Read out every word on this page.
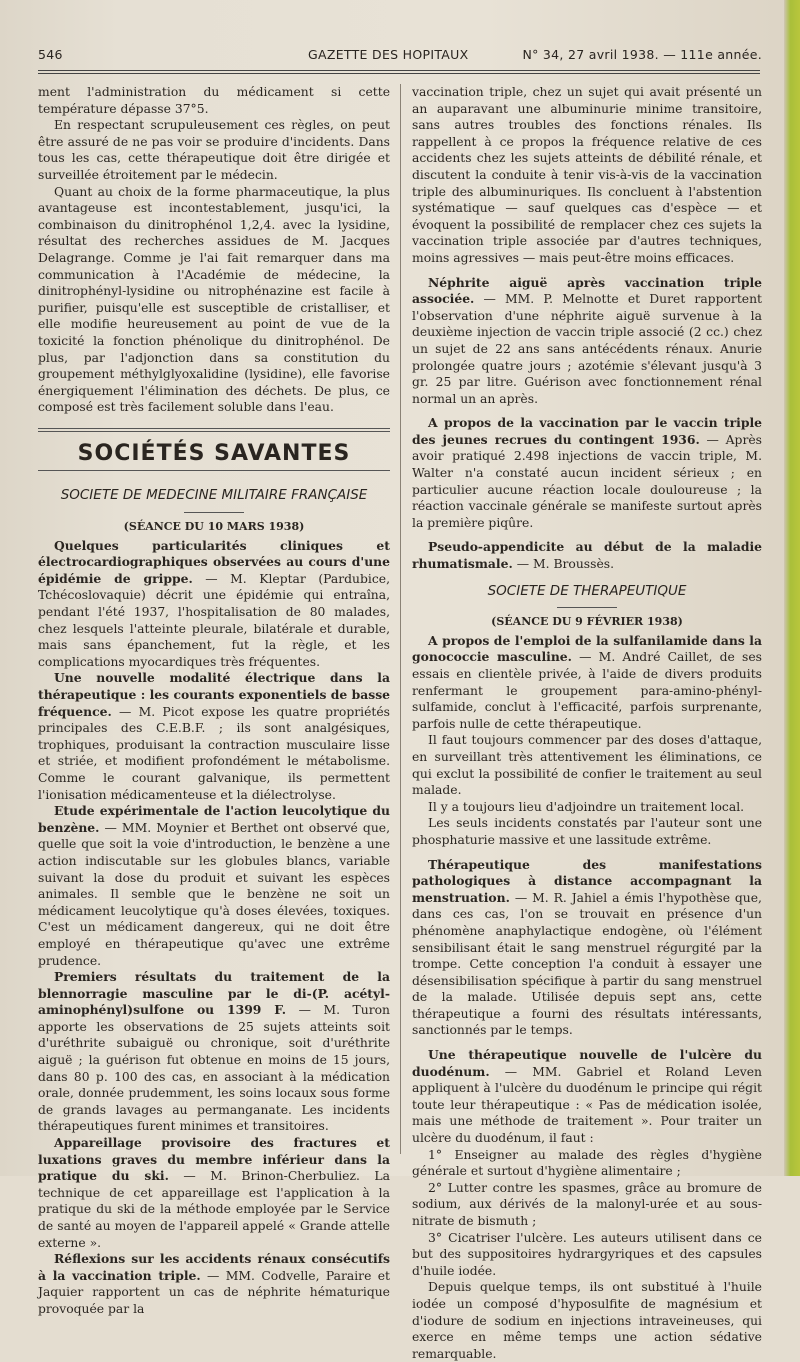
546	GAZETTE DES HOPITAUX	N° 34, 27 avril 1938. — 111e année.

ment l'administration du médicament si cette température dépasse 37°5.

En respectant scrupuleusement ces règles, on peut être assuré de ne pas voir se produire d'incidents. Dans tous les cas, cette thérapeutique doit être dirigée et surveillée étroitement par le médecin.

Quant au choix de la forme pharmaceutique, la plus avantageuse est incontestablement, jusqu'ici, la combinaison du dinitrophénol 1,2,4. avec la lysidine, résultat des recherches assidues de M. Jacques Delagrange. Comme je l'ai fait remarquer dans ma communication à l'Académie de médecine, la dinitrophényl-lysidine ou nitrophénazine est facile à purifier, puisqu'elle est susceptible de cristalliser, et elle modifie heureusement au point de vue de la toxicité la fonction phénolique du dinitrophénol. De plus, par l'adjonction dans sa constitution du groupement méthylglyoxalidine (lysidine), elle favorise énergiquement l'élimination des déchets. De plus, ce composé est très facilement soluble dans l'eau.

SOCIÉTÉS SAVANTES
SOCIETE DE MEDECINE MILITAIRE FRANÇAISE
(SÉANCE DU 10 MARS 1938)

Quelques particularités cliniques et électrocardiographiques observées au cours d'une épidémie de grippe. — M. Kleptar (Pardubice, Tchécoslovaquie) décrit une épidémie qui entraîna, pendant l'été 1937, l'hospitalisation de 80 malades, chez lesquels l'atteinte pleurale, bilatérale et durable, mais sans épanchement, fut la règle, et les complications myocardiques très fréquentes.

Une nouvelle modalité électrique dans la thérapeutique : les courants exponentiels de basse fréquence. — M. Picot expose les quatre propriétés principales des C.E.B.F. ; ils sont analgésiques, trophiques, produisant la contraction musculaire lisse et striée, et modifient profondément le métabolisme. Comme le courant galvanique, ils permettent l'ionisation médicamenteuse et la diélectrolyse.

Etude expérimentale de l'action leucolytique du benzène. — MM. Moynier et Berthet ont observé que, quelle que soit la voie d'introduction, le benzène a une action indiscutable sur les globules blancs, variable suivant la dose du produit et suivant les espèces animales. Il semble que le benzène ne soit un médicament leucolytique qu'à doses élevées, toxiques. C'est un médicament dangereux, qui ne doit être employé en thérapeutique qu'avec une extrême prudence.

Premiers résultats du traitement de la blennorragie masculine par le di-(P. acétyl-aminophényl)sulfone ou 1399 F. — M. Turon apporte les observations de 25 sujets atteints soit d'uréthrite subaiguë ou chronique, soit d'uréthrite aiguë ; la guérison fut obtenue en moins de 15 jours, dans 80 p. 100 des cas, en associant à la médication orale, donnée prudemment, les soins locaux sous forme de grands lavages au permanganate. Les incidents thérapeutiques furent minimes et transitoires.

Appareillage provisoire des fractures et luxations graves du membre inférieur dans la pratique du ski. — M. Brinon-Cherbuliez. La technique de cet appareillage est l'application à la pratique du ski de la méthode employée par le Service de santé au moyen de l'appareil appelé « Grande attelle externe ».

Réflexions sur les accidents rénaux consécutifs à la vaccination triple. — MM. Codvelle, Paraire et Jaquier rapportent un cas de néphrite hématurique provoquée par la

vaccination triple, chez un sujet qui avait présenté un an auparavant une albuminurie minime transitoire, sans autres troubles des fonctions rénales. Ils rappellent à ce propos la fréquence relative de ces accidents chez les sujets atteints de débilité rénale, et discutent la conduite à tenir vis-à-vis de la vaccination triple des albuminuriques. Ils concluent à l'abstention systématique — sauf quelques cas d'espèce — et évoquent la possibilité de remplacer chez ces sujets la vaccination triple associée par d'autres techniques, moins agressives — mais peut-être moins efficaces.

Néphrite aiguë après vaccination triple associée. — MM. P. Melnotte et Duret rapportent l'observation d'une néphrite aiguë survenue à la deuxième injection de vaccin triple associé (2 cc.) chez un sujet de 22 ans sans antécédents rénaux. Anurie prolongée quatre jours ; azotémie s'élevant jusqu'à 3 gr. 25 par litre. Guérison avec fonctionnement rénal normal un an après.

A propos de la vaccination par le vaccin triple des jeunes recrues du contingent 1936. — Après avoir pratiqué 2.498 injections de vaccin triple, M. Walter n'a constaté aucun incident sérieux ; en particulier aucune réaction locale douloureuse ; la réaction vaccinale générale se manifeste surtout après la première piqûre.

Pseudo-appendicite au début de la maladie rhumatismale. — M. Broussès.

SOCIETE DE THERAPEUTIQUE
(SÉANCE DU 9 FÉVRIER 1938)

A propos de l'emploi de la sulfanilamide dans la gonococcie masculine. — M. André Caillet, de ses essais en clientèle privée, à l'aide de divers produits renfermant le groupement para-amino-phényl-sulfamide, conclut à l'efficacité, parfois surprenante, parfois nulle de cette thérapeutique.

Il faut toujours commencer par des doses d'attaque, en surveillant très attentivement les éliminations, ce qui exclut la possibilité de confier le traitement au seul malade.

Il y a toujours lieu d'adjoindre un traitement local.

Les seuls incidents constatés par l'auteur sont une phosphaturie massive et une lassitude extrême.

Thérapeutique des manifestations pathologiques à distance accompagnant la menstruation. — M. R. Jahiel a émis l'hypothèse que, dans ces cas, l'on se trouvait en présence d'un phénomène anaphylactique endogène, où l'élément sensibilisant était le sang menstruel régurgité par la trompe. Cette conception l'a conduit à essayer une désensibilisation spécifique à partir du sang menstruel de la malade. Utilisée depuis sept ans, cette thérapeutique a fourni des résultats intéressants, sanctionnés par le temps.

Une thérapeutique nouvelle de l'ulcère du duodénum. — MM. Gabriel et Roland Leven appliquent à l'ulcère du duodénum le principe qui régit toute leur thérapeutique : « Pas de médication isolée, mais une méthode de traitement ». Pour traiter un ulcère du duodénum, il faut :

1° Enseigner au malade des règles d'hygiène générale et surtout d'hygiène alimentaire ;

2° Lutter contre les spasmes, grâce au bromure de sodium, aux dérivés de la malonyl-urée et au sous-nitrate de bismuth ;

3° Cicatriser l'ulcère. Les auteurs utilisent dans ce but des suppositoires hydrargyriques et des capsules d'huile iodée.

Depuis quelque temps, ils ont substitué à l'huile iodée un composé d'hyposulfite de magnésium et d'iodure de sodium en injections intraveineuses, qui exerce en même temps une action sédative remarquable.
